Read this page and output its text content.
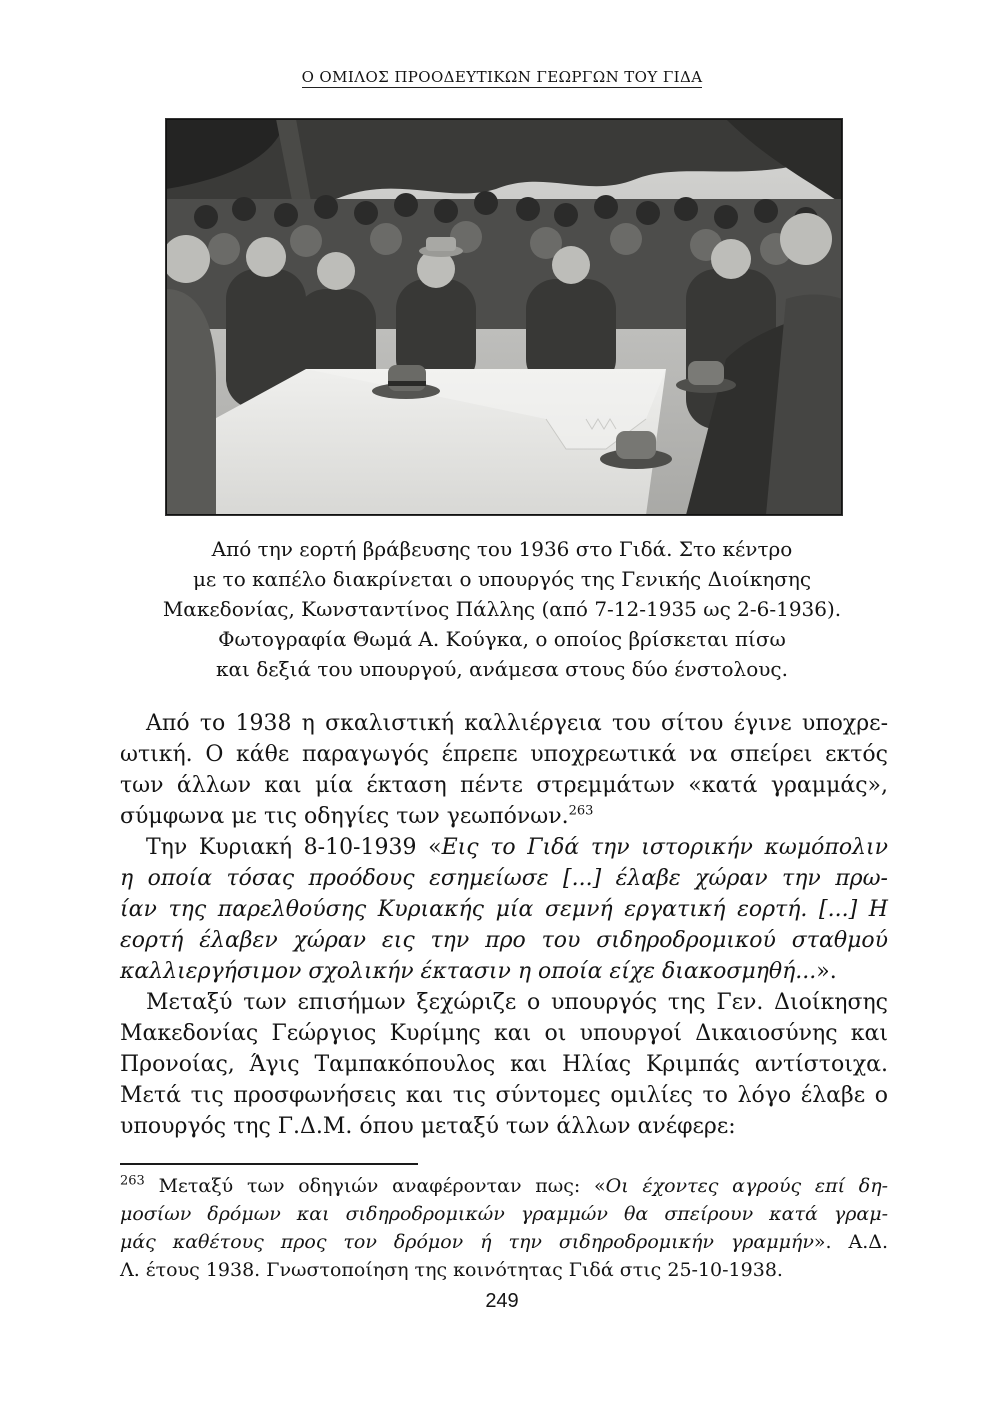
Ο ΟΜΙΛΟΣ ΠΡΟΟΔΕΥΤΙΚΩΝ ΓΕΩΡΓΩΝ ΤΟΥ ΓΙΔΑ
Από την εορτή βράβευσης του 1936 στο Γιδά. Στο κέντρο
με το καπέλο διακρίνεται ο υπουργός της Γενικής Διοίκησης
Μακεδονίας, Κωνσταντίνος Πάλλης (από 7-12-1935 ως 2-6-1936).
Φωτογραφία Θωμά Α. Κούγκα, ο οποίος βρίσκεται πίσω
και δεξιά του υπουργού, ανάμεσα στους δύο ένστολους.
Από το 1938 η σκαλιστική καλλιέργεια του σίτου έγινε υποχρε-
ωτική. Ο κάθε παραγωγός έπρεπε υποχρεωτικά να σπείρει εκτός
των άλλων και μία έκταση πέντε στρεμμάτων «κατά γραμμάς»,
σύμφωνα με τις οδηγίες των γεωπόνων.$^{263}$
Την Κυριακή 8-10-1939 «Εις το Γιδά την ιστορικήν κωμόπολιν
η οποία τόσας προόδους εσημείωσε [...] έλαβε χώραν την πρω-
ίαν της παρελθούσης Κυριακής μία σεμνή εργατική εορτή. [...] Η
εορτή έλαβεν χώραν εις την προ του σιδηροδρομικού σταθμού
καλλιεργήσιμον σχολικήν έκτασιν η οποία είχε διακοσμηθή...».
Μεταξύ των επισήμων ξεχώριζε ο υπουργός της Γεν. Διοίκησης
Μακεδονίας Γεώργιος Κυρίμης και οι υπουργοί Δικαιοσύνης και
Προνοίας, Άγις Ταμπακόπουλος και Ηλίας Κριμπάς αντίστοιχα.
Μετά τις προσφωνήσεις και τις σύντομες ομιλίες το λόγο έλαβε ο
υπουργός της Γ.Δ.Μ. όπου μεταξύ των άλλων ανέφερε:
$^{263}$ Μεταξύ των οδηγιών αναφέρονταν πως: «Οι έχοντες αγρούς επί δη-
μοσίων δρόμων και σιδηροδρομικών γραμμών θα σπείρουν κατά γραμ-
μάς καθέτους προς τον δρόμον ή την σιδηροδρομικήν γραμμήν». Α.Δ.
Λ. έτους 1938. Γνωστοποίηση της κοινότητας Γιδά στις 25-10-1938.
249
